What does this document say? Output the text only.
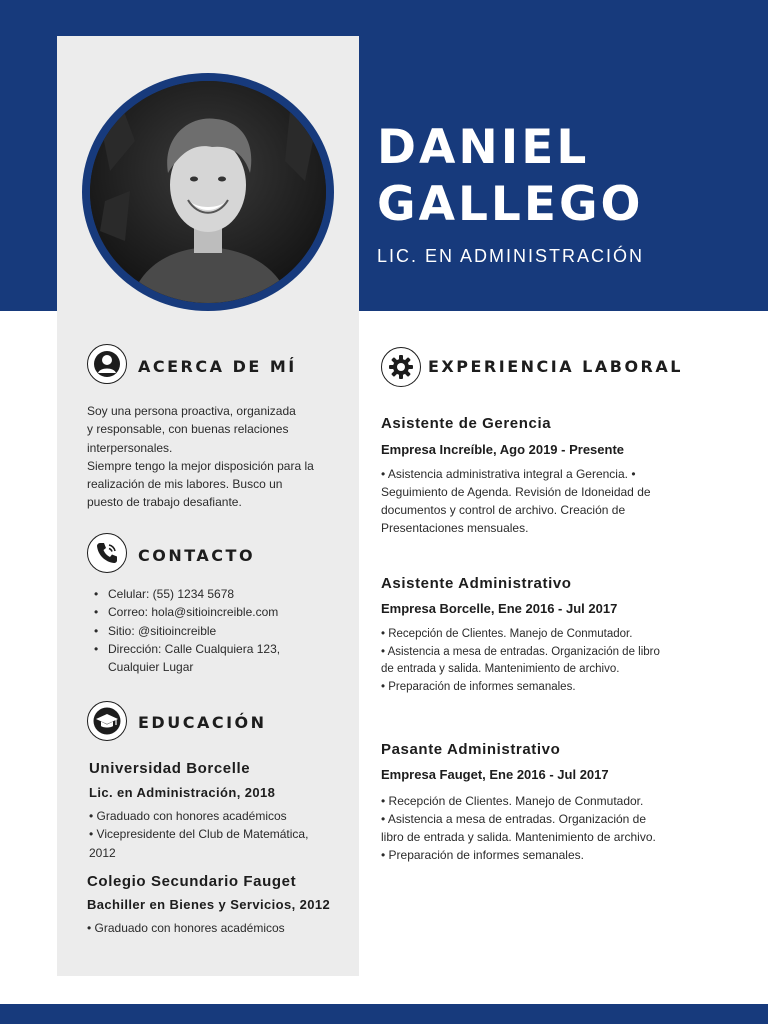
DANIEL
GALLEGO

LIC. EN ADMINISTRACIÓN

ACERCA DE MÍ
Soy una persona proactiva, organizada
y responsable, con buenas relaciones
interpersonales.
Siempre tengo la mejor disposición para la
realización de mis labores. Busco un
puesto de trabajo desafiante.
CONTACTO
• Celular: (55) 1234 5678
• Correo: hola@sitioincreible.com
• Sitio: @sitioincreible
• Dirección: Calle Cualquiera 123,
Cualquier Lugar
EDUCACIÓN

Universidad Borcelle

Lic. en Administración, 2018

• Graduado con honores académicos
• Vicepresidente del Club de Matemática,
2012

Colegio Secundario Fauget

Bachiller en Bienes y Servicios, 2012

• Graduado con honores académicos
EXPERIENCIA LABORAL

Asistente de Gerencia

Empresa Increíble, Ago 2019 - Presente

• Asistencia administrativa integral a Gerencia. •
Seguimiento de Agenda. Revisión de Idoneidad de
documentos y control de archivo. Creación de
Presentaciones mensuales.

Asistente Administrativo

Empresa Borcelle, Ene 2016 - Jul 2017

• Recepción de Clientes. Manejo de Conmutador.
• Asistencia a mesa de entradas. Organización de libro
de entrada y salida. Mantenimiento de archivo.
• Preparación de informes semanales.

Pasante Administrativo

Empresa Fauget, Ene 2016 - Jul 2017

• Recepción de Clientes. Manejo de Conmutador.
• Asistencia a mesa de entradas. Organización de
libro de entrada y salida. Mantenimiento de archivo.
• Preparación de informes semanales.
